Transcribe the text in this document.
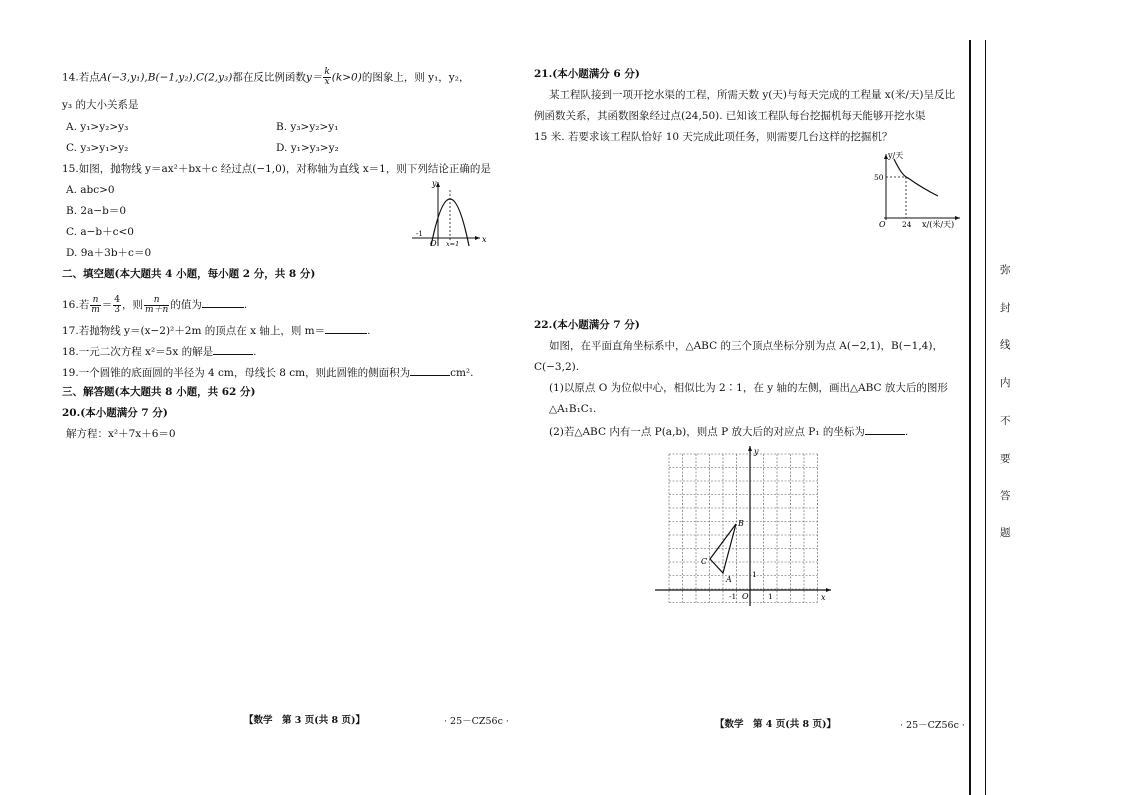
14.若点A(−3,y₁),B(−1,y₂),C(2,y₃)都在反比例函数$y= \frac{k}{x} (k>0)$的图象上，则 y₁，y₂，
y₃ 的大小关系是
A. y₁>y₂>y₃	B. y₃>y₂>y₁
C. y₃>y₁>y₂	D. y₁>y₃>y₂
15.如图，抛物线 y＝ax²＋bx＋c 经过点(−1,0)，对称轴为直线 x＝1，则下列结论正确的是
A. abc>0
B. 2a−b＝0
C. a−b＋c<0
D. 9a＋3b＋c＝0
y
x
O
-1
x=1
二、填空题(本大题共 4 小题，每小题 2 分，共 8 分)
16.若 $\frac{n}{m} = \frac{4}{3}$ ，则 $\frac{n}{m+n}$ 的值为	.
17.若抛物线 y＝(x−2)²＋2m 的顶点在 x 轴上，则 m＝	.
18.一元二次方程 x²＝5x 的解是	.
19.一个圆锥的底面圆的半径为 4 cm，母线长 8 cm，则此圆锥的侧面积为	cm².
三、解答题(本大题共 8 小题，共 62 分)
20.(本小题满分 7 分)
解方程：x²＋7x＋6＝0
【数学　第 3 页(共 8 页)】	· 25－CZ56c ·
21.(本小题满分 6 分)
某工程队接到一项开挖水渠的工程，所需天数 y(天)与每天完成的工程量 x(米/天)呈反比
例函数关系，其函数图象经过点(24,50). 已知该工程队每台挖掘机每天能够开挖水渠
15 米. 若要求该工程队恰好 10 天完成此项任务，则需要几台这样的挖掘机？
y/天
50
O 24 x/(米/天)
22.(本小题满分 7 分)
如图，在平面直角坐标系中，△ABC 的三个顶点坐标分别为点 A(−2,1)，B(−1,4)，
C(−3,2).
(1)以原点 O 为位似中心，相似比为 2∶1，在 y 轴的左侧，画出△ABC 放大后的图形
△A₁B₁C₁.
(2)若△ABC 内有一点 P(a,b)，则点 P 放大后的对应点 P₁ 的坐标为	.
A
B
C
y
x
O	1
1
-1
【数学　第 4 页(共 8 页)】	· 25－CZ56c ·
弥
封
线
内
不
要
答
题
